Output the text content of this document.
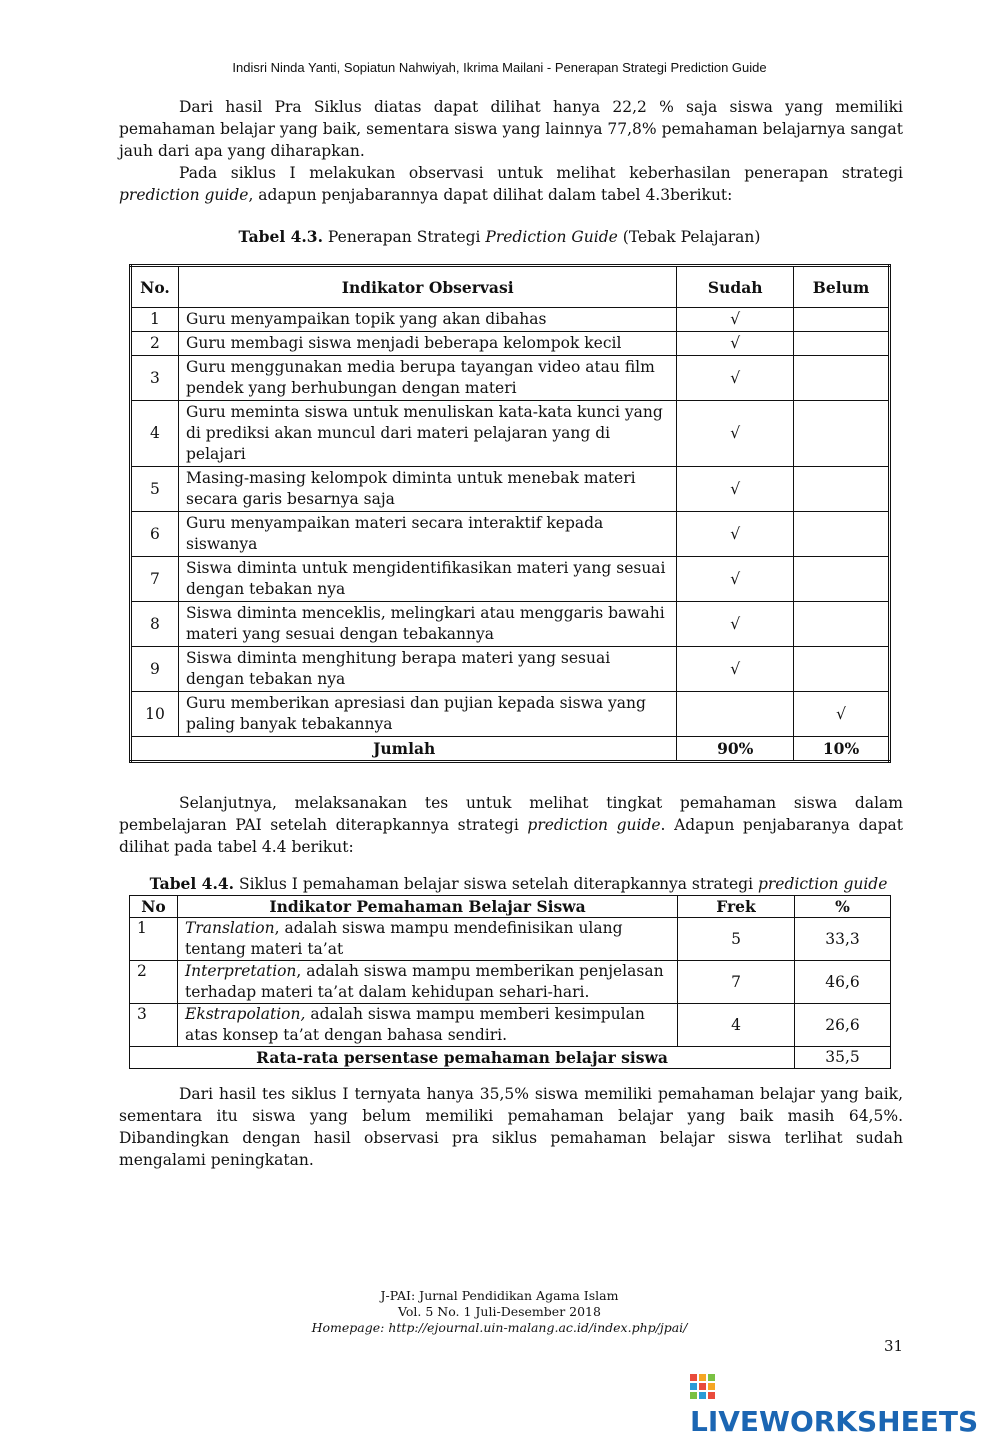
Indisri Ninda Yanti, Sopiatun Nahwiyah, Ikrima Mailani - Penerapan Strategi Prediction Guide

Dari hasil Pra Siklus diatas dapat dilihat hanya 22,2 % saja siswa yang memiliki pemahaman belajar yang baik, sementara siswa yang lainnya 77,8% pemahaman belajarnya sangat jauh dari apa yang diharapkan.

Pada siklus I melakukan observasi untuk melihat keberhasilan penerapan strategi prediction guide, adapun penjabarannya dapat dilihat dalam tabel 4.3berikut:

Tabel 4.3. Penerapan Strategi Prediction Guide (Tebak Pelajaran)
No.	Indikator Observasi	Sudah	Belum
1	Guru menyampaikan topik yang akan dibahas	√	
2	Guru membagi siswa menjadi beberapa kelompok kecil	√	
3	Guru menggunakan media berupa tayangan video atau film pendek yang berhubungan dengan materi	√	
4	Guru meminta siswa untuk menuliskan kata-kata kunci yang di prediksi akan muncul dari materi pelajaran yang di pelajari	√	
5	Masing-masing kelompok diminta untuk menebak materi secara garis besarnya saja	√	
6	Guru menyampaikan materi secara interaktif kepada siswanya	√	
7	Siswa diminta untuk mengidentifikasikan materi yang sesuai dengan tebakan nya	√	
8	Siswa diminta menceklis, melingkari atau menggaris bawahi materi yang sesuai dengan tebakannya	√	
9	Siswa diminta menghitung berapa materi yang sesuai dengan tebakan nya	√	
10	Guru memberikan apresiasi dan pujian kepada siswa yang paling banyak tebakannya		√
Jumlah		90%	10%

Selanjutnya, melaksanakan tes untuk melihat tingkat pemahaman siswa dalam pembelajaran PAI setelah diterapkannya strategi prediction guide. Adapun penjabaranya dapat dilihat pada tabel 4.4 berikut:

Tabel 4.4. Siklus I pemahaman belajar siswa setelah diterapkannya strategi prediction guide
No	Indikator Pemahaman Belajar Siswa	Frek	%
1	Translation, adalah siswa mampu mendefinisikan ulang tentang materi ta’at	5	33,3
2	Interpretation, adalah siswa mampu memberikan penjelasan terhadap materi ta’at dalam kehidupan sehari-hari.	7	46,6
3	Ekstrapolation, adalah siswa mampu memberi kesimpulan atas konsep ta’at dengan bahasa sendiri.	4	26,6
Rata-rata persentase pemahaman belajar siswa			35,5

Dari hasil tes siklus I ternyata hanya 35,5% siswa memiliki pemahaman belajar yang baik, sementara itu siswa yang belum memiliki pemahaman belajar yang baik masih 64,5%. Dibandingkan dengan hasil observasi pra siklus pemahaman belajar siswa terlihat sudah mengalami peningkatan.

J-PAI: Jurnal Pendidikan Agama Islam
Vol. 5 No. 1 Juli-Desember 2018
Homepage: http://ejournal.uin-malang.ac.id/index.php/jpai/
31
LIVEWORKSHEETS
